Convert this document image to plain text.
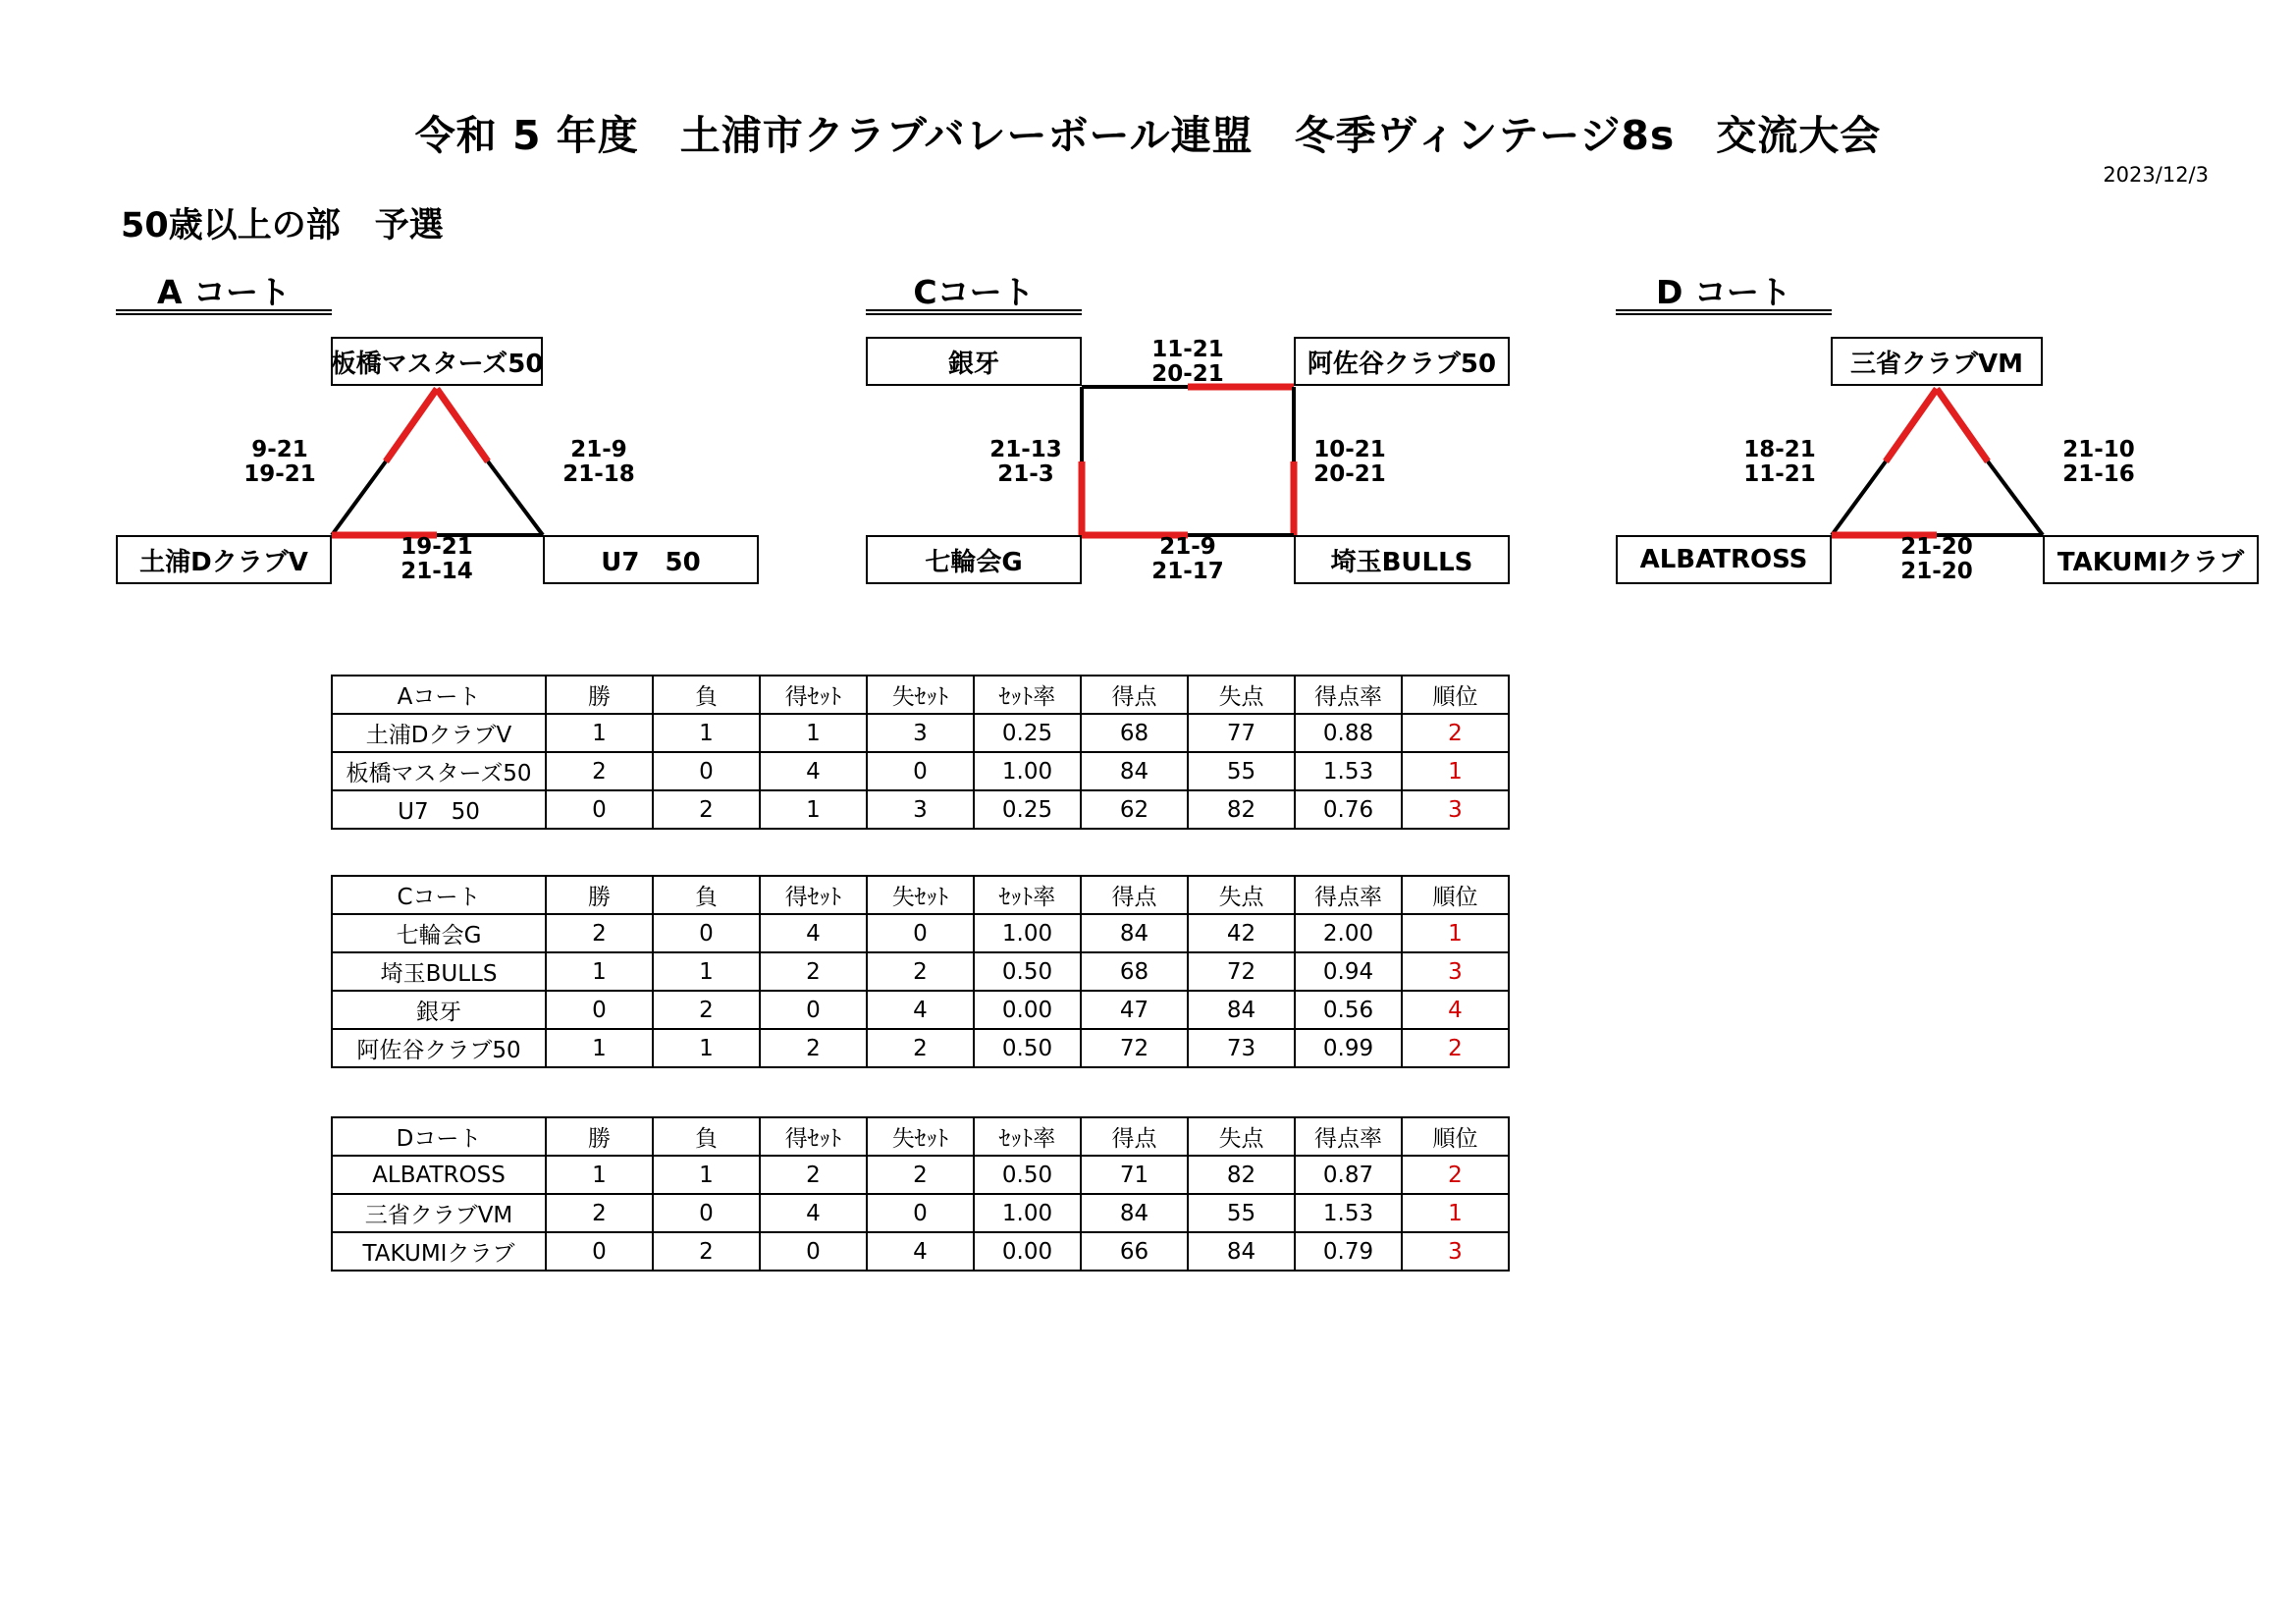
令和 5 年度　土浦市クラブバレーボール連盟　冬季ヴィンテージ8s　交流大会
2023/12/3
50歳以上の部　予選
A コート	Cコート	D コート
板橋マスターズ50
土浦DクラブⅤ	U7　50
9-21
19-21
21-9
21-18
19-21
21-14
銀牙	阿佐谷クラブ50
七輪会G	埼玉BULLS
11-21
20-21
21-13
21-3
10-21
20-21
21-9
21-17
三省クラブVM
ALBATROSS	TAKUMIクラブ
18-21
11-21
21-10
21-16
21-20
21-20
Aコート	勝	負	得ｾｯﾄ	失ｾｯﾄ	ｾｯﾄ率	得点	失点	得点率	順位
土浦DクラブⅤ	1	1	1	3	0.25	68	77	0.88	2
板橋マスターズ50	2	0	4	0	1.00	84	55	1.53	1
U7　50	0	2	1	3	0.25	62	82	0.76	3
Cコート	勝	負	得ｾｯﾄ	失ｾｯﾄ	ｾｯﾄ率	得点	失点	得点率	順位
七輪会G	2	0	4	0	1.00	84	42	2.00	1
埼玉BULLS	1	1	2	2	0.50	68	72	0.94	3
銀牙	0	2	0	4	0.00	47	84	0.56	4
阿佐谷クラブ50	1	1	2	2	0.50	72	73	0.99	2
Dコート	勝	負	得ｾｯﾄ	失ｾｯﾄ	ｾｯﾄ率	得点	失点	得点率	順位
ALBATROSS	1	1	2	2	0.50	71	82	0.87	2
三省クラブVM	2	0	4	0	1.00	84	55	1.53	1
TAKUMIクラブ	0	2	0	4	0.00	66	84	0.79	3
